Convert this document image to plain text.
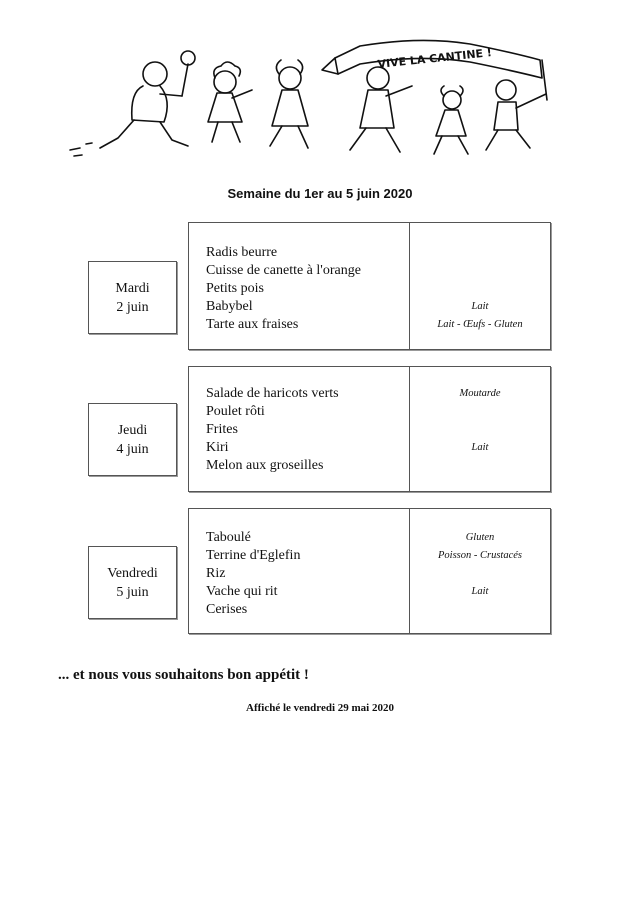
VIVE LA CANTINE !
Semaine du 1er au 5 juin 2020
Mardi
2 juin
Radis beurre
Cuisse de canette à l'orange
Petits pois
Babybel
Tarte aux fraises
Lait
Lait - Œufs - Gluten
Jeudi
4 juin
Salade de haricots verts
Poulet rôti
Frites
Kiri
Melon aux groseilles
Moutarde
Lait
Vendredi
5 juin
Taboulé
Terrine d'Eglefin
Riz
Vache qui rit
Cerises
Gluten
Poisson - Crustacés
Lait
... et nous vous souhaitons bon appétit !
Affiché le vendredi 29 mai 2020
